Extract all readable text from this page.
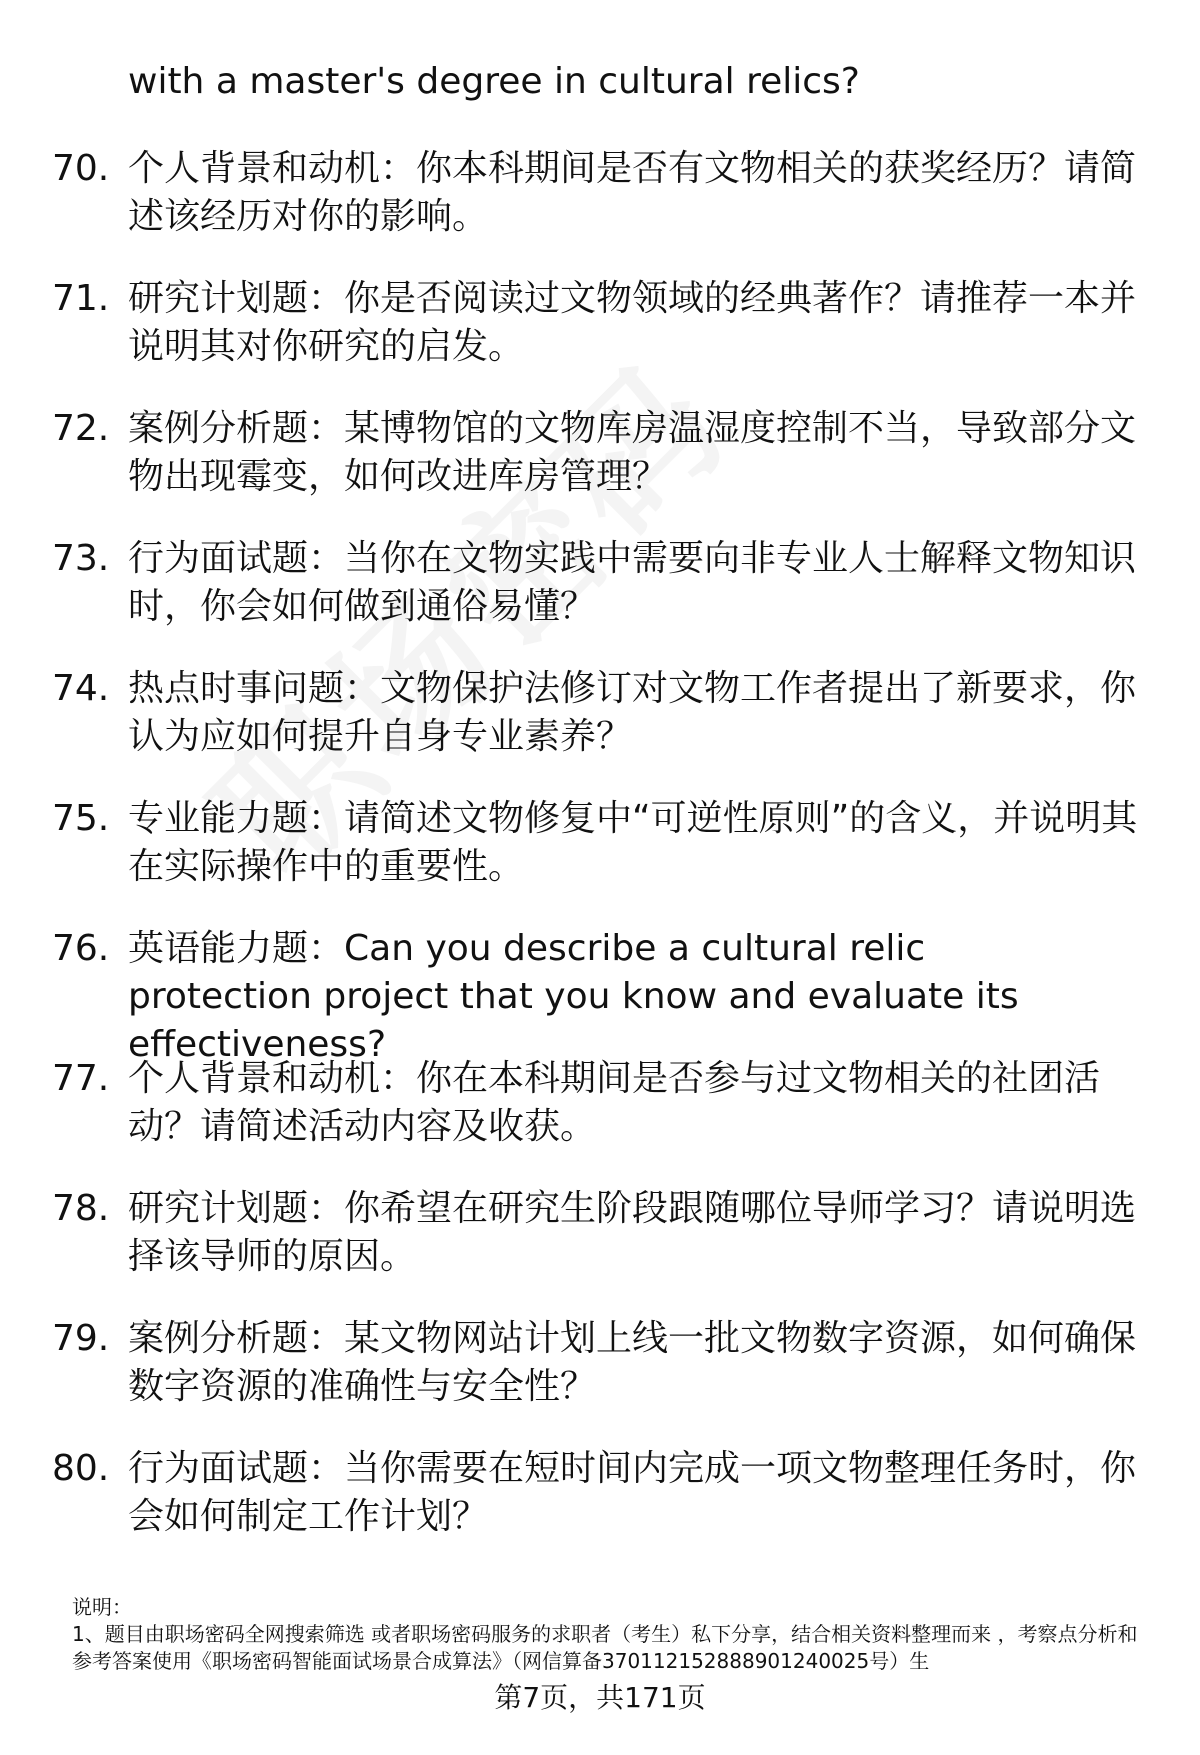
with a master's degree in cultural relics?
70. 个人背景和动机：你本科期间是否有文物相关的获奖经历？请简述该经历对你的影响。
71. 研究计划题：你是否阅读过文物领域的经典著作？请推荐一本并说明其对你研究的启发。
72. 案例分析题：某博物馆的文物库房温湿度控制不当，导致部分文物出现霉变，如何改进库房管理？
73. 行为面试题：当你在文物实践中需要向非专业人士解释文物知识时，你会如何做到通俗易懂？
74. 热点时事问题：文物保护法修订对文物工作者提出了新要求，你认为应如何提升自身专业素养？
75. 专业能力题：请简述文物修复中“可逆性原则”的含义，并说明其在实际操作中的重要性。
76. 英语能力题：Can you describe a cultural relic protection project that you know and evaluate its effectiveness?
77. 个人背景和动机：你在本科期间是否参与过文物相关的社团活动？请简述活动内容及收获。
78. 研究计划题：你希望在研究生阶段跟随哪位导师学习？请说明选择该导师的原因。
79. 案例分析题：某文物网站计划上线一批文物数字资源，如何确保数字资源的准确性与安全性？
80. 行为面试题：当你需要在短时间内完成一项文物整理任务时，你会如何制定工作计划？
说明：
1、题目由职场密码全网搜索筛选 或者职场密码服务的求职者（考生）私下分享，结合相关资料整理而来 ，考察点分析和参考答案使用《职场密码智能面试场景合成算法》（网信算备370112152888901240025号）生
第7页，共171页
